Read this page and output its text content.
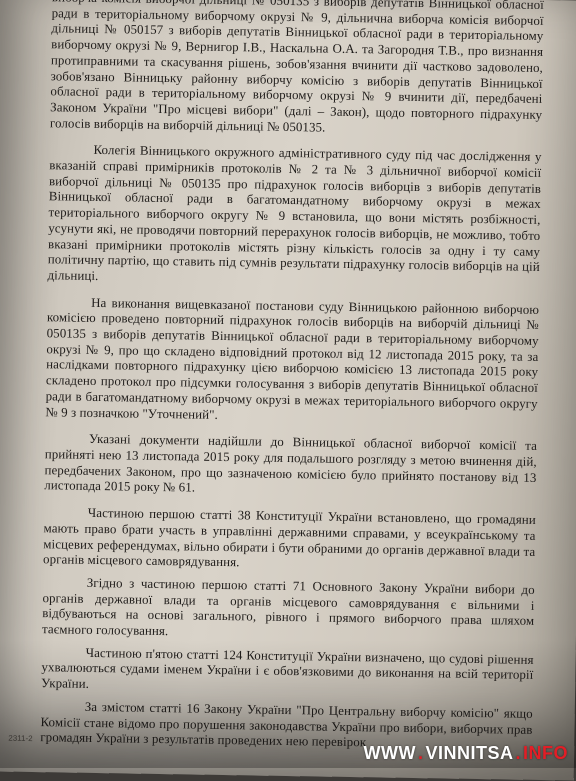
виборча комісія виборчої дільниці № 050135 з виборів депутатів Вінницької обласної ради в територіальному виборчому окрузі № 9, дільнична виборча комісія виборчої дільниці № 050157 з виборів депутатів Вінницької обласної ради в територіальному виборчому окрузі № 9, Вернигор І.В., Наскальна О.А. та Загородня Т.В., про визнання протиправними та скасування рішень, зобов'язання вчинити дії частково задоволено, зобов'язано Вінницьку районну виборчу комісію з виборів депутатів Вінницької обласної ради в територіальному виборчому окрузі № 9 вчинити дії, передбачені Законом України "Про місцеві вибори" (далі – Закон), щодо повторного підрахунку голосів виборців на виборчій дільниці № 050135.

Колегія Вінницького окружного адміністративного суду під час дослідження у вказаній справі примірників протоколів № 2 та № 3 дільничної виборчої комісії виборчої дільниці № 050135 про підрахунок голосів виборців з виборів депутатів Вінницької обласної ради в багатомандатному виборчому окрузі в межах територіального виборчого округу № 9 встановила, що вони містять розбіжності, усунути які, не проводячи повторний перерахунок голосів виборців, не можливо, тобто вказані примірники протоколів містять різну кількість голосів за одну і ту саму політичну партію, що ставить під сумнів результати підрахунку голосів виборців на цій дільниці.

На виконання вищевказаної постанови суду Вінницькою районною виборчою комісією проведено повторний підрахунок голосів виборців на виборчій дільниці № 050135 з виборів депутатів Вінницької обласної ради в територіальному виборчому окрузі № 9, про що складено відповідний протокол від 12 листопада 2015 року, та за наслідками повторного підрахунку цією виборчою комісією 13 листопада 2015 року складено протокол про підсумки голосування з виборів депутатів Вінницької обласної ради в багатомандатному виборчому окрузі в межах територіального виборчого округу № 9 з позначкою "Уточнений".

Указані документи надійшли до Вінницької обласної виборчої комісії та прийняті нею 13 листопада 2015 року для подальшого розгляду з метою вчинення дій, передбачених Законом, про що зазначеною комісією було прийнято постанову від 13 листопада 2015 року № 61.

Частиною першою статті 38 Конституції України встановлено, що громадяни мають право брати участь в управлінні державними справами, у всеукраїнському та місцевих референдумах, вільно обирати і бути обраними до органів державної влади та органів місцевого самоврядування.

Згідно з частиною першою статті 71 Основного Закону України вибори до органів державної влади та органів місцевого самоврядування є вільними і відбуваються на основі загального, рівного і прямого виборчого права шляхом таємного голосування.

Частиною п'ятою статті 124 Конституції України визначено, що судові рішення ухвалюються судами іменем України і є обов'язковими до виконання на всій території України.

За змістом статті 16 Закону України "Про Центральну виборчу комісію" якщо Комісії стане відомо про порушення законодавства України про вибори, виборчих прав громадян України з результатів проведених нею перевірок

2311-2
WWW . VINNITSA . INFO
